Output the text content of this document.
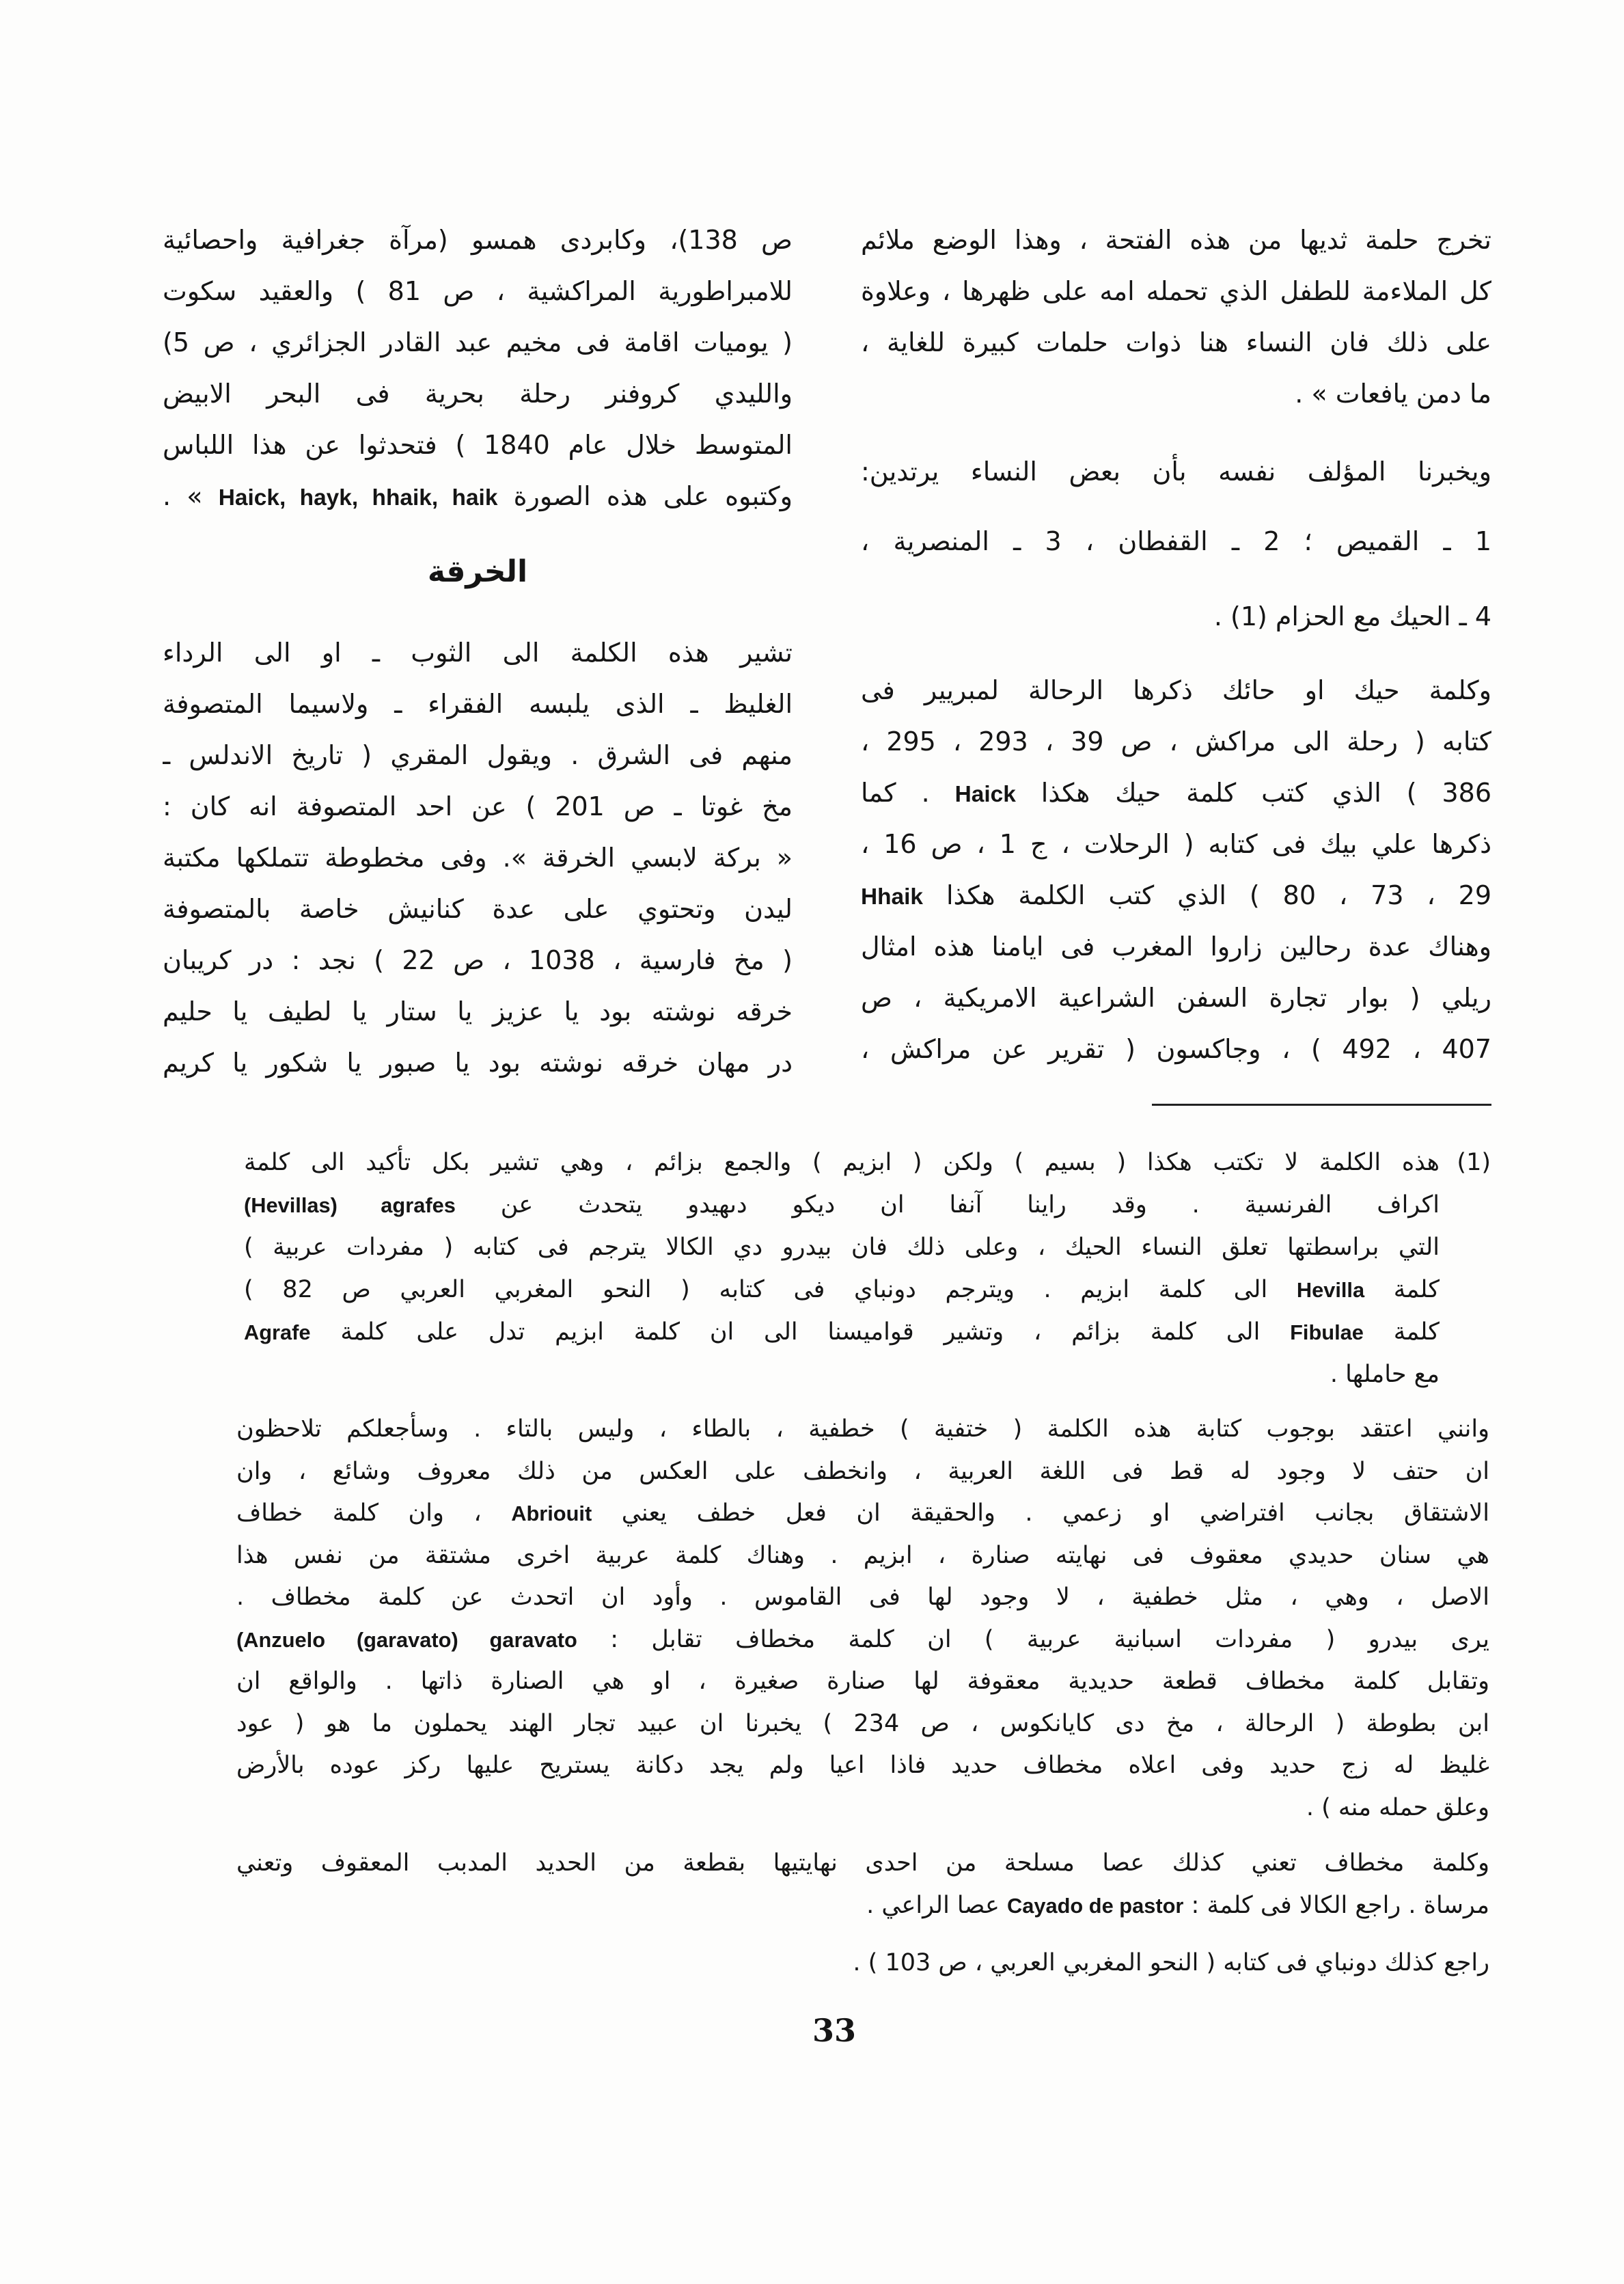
تخرج حلمة ثديها من هذه الفتحة ، وهذا الوضع ملائم
كل الملاءمة للطفل الذي تحمله امه على ظهرها ، وعلاوة
على ذلك فان النساء هنا ذوات حلمات كبيرة للغاية ،
ما دمن يافعات » .
ويخبرنا المؤلف نفسه بأن بعض النساء يرتدين:
1 ـ القميص ؛ 2 ـ القفطان ، 3 ـ المنصرية ،
4 ـ الحيك مع الحزام (1) .
وكلمة حيك او حائك ذكرها الرحالة لمبريير فى
كتابه ( رحلة الى مراكش ، ص 39 ، 293 ، 295 ،
386 ) الذي كتب كلمة حيك هكذا Haick . كما
ذكرها علي بيك فى كتابه ( الرحلات ، ج 1 ، ص 16 ،
29 ، 73 ، 80 ) الذي كتب الكلمة هكذا Hhaik
وهناك عدة رحالين زاروا المغرب فى ايامنا هذه امثال
ريلي ( بوار تجارة السفن الشراعية الامريكية ، ص
407 ، 492 ) ، وجاكسون ( تقرير عن مراكش ،
ص 138)، وكابردى همسو (مرآة جغرافية واحصائية
للامبراطورية المراكشية ، ص 81 ) والعقيد سكوت
( يوميات اقامة فى مخيم عبد القادر الجزائري ، ص 5)
والليدي كروفنر رحلة بحرية فى البحر الابيض
المتوسط خلال عام 1840 ) فتحدثوا عن هذا اللباس
وكتبوه على هذه الصورة Haick, hayk, hhaik, haik » .
الخرقة
تشير هذه الكلمة الى الثوب ـ او الى الرداء
الغليظ ـ الذى يلبسه الفقراء ـ ولاسيما المتصوفة
منهم فى الشرق . ويقول المقري ( تاريخ الاندلس ـ
مخ غوتا ـ ص 201 ) عن احد المتصوفة انه كان :
« بركة لابسي الخرقة ». وفى مخطوطة تتملكها مكتبة
ليدن وتحتوي على عدة كنانيش خاصة بالمتصوفة
( مخ فارسية ، 1038 ، ص 22 ) نجد : در كريبان
خرقه نوشته بود يا عزيز يا ستار يا لطيف يا حليم
در مهان خرقه نوشته بود يا صبور يا شكور يا كريم
(1)
هذه الكلمة لا تكتب هكذا ( بسيم ) ولكن ( ابزيم ) والجمع بزائم ، وهي تشير بكل تأكيد الى كلمة
اكراف الفرنسية . وقد راينا آنفا ان ديكو دىهيدو يتحدث عن (Hevillas) agrafes
التي براسطتها تعلق النساء الحيك ، وعلى ذلك فان بيدرو دي الكالا يترجم فى كتابه ( مفردات عربية )
كلمة Hevilla الى كلمة ابزيم . ويترجم دونباي فى كتابه ( النحو المغربي العربي ص 82 )
كلمة Fibulae الى كلمة بزائم ، وتشير قواميسنا الى ان كلمة ابزيم تدل على كلمة Agrafe
مع حاملها .
وانني اعتقد بوجوب كتابة هذه الكلمة ( ختفية ) خطفية ، بالطاء ، وليس بالتاء . وسأجعلكم تلاحظون
ان حتف لا وجود له قط فى اللغة العربية ، وانخطف على العكس من ذلك معروف وشائع ، وان
الاشتقاق بجانب افتراضي او زعمي . والحقيقة ان فعل خطف يعني Abriouit ، وان كلمة خطاف
هي سنان حديدي معقوف فى نهايته صنارة ، ابزيم . وهناك كلمة عربية اخرى مشتقة من نفس هذا
الاصل ، وهي ، مثل خطفية ، لا وجود لها فى القاموس . وأود ان اتحدث عن كلمة مخطاف .
يرى بيدرو ( مفردات اسبانية عربية ) ان كلمة مخطاف تقابل : (Anzuelo (garavato) garavato
وتقابل كلمة مخطاف قطعة حديدية معقوفة لها صنارة صغيرة ، او هي الصنارة ذاتها . والواقع ان
ابن بطوطة ( الرحالة ، مخ دى كايانكوس ، ص 234 ) يخبرنا ان عبيد تجار الهند يحملون ما هو ( عود
غليظ له زج حديد وفى اعلاه مخطاف حديد فاذا اعيا ولم يجد دكانة يستريح عليها ركز عوده بالأرض
وعلق حمله منه ) .
وكلمة مخطاف تعني كذلك عصا مسلحة من احدى نهايتيها بقطعة من الحديد المدبب المعقوف وتعني
مرساة . راجع الكالا فى كلمة : Cayado de pastor عصا الراعي .
راجع كذلك دونباي فى كتابه ( النحو المغربي العربي ، ص 103 ) .
33
